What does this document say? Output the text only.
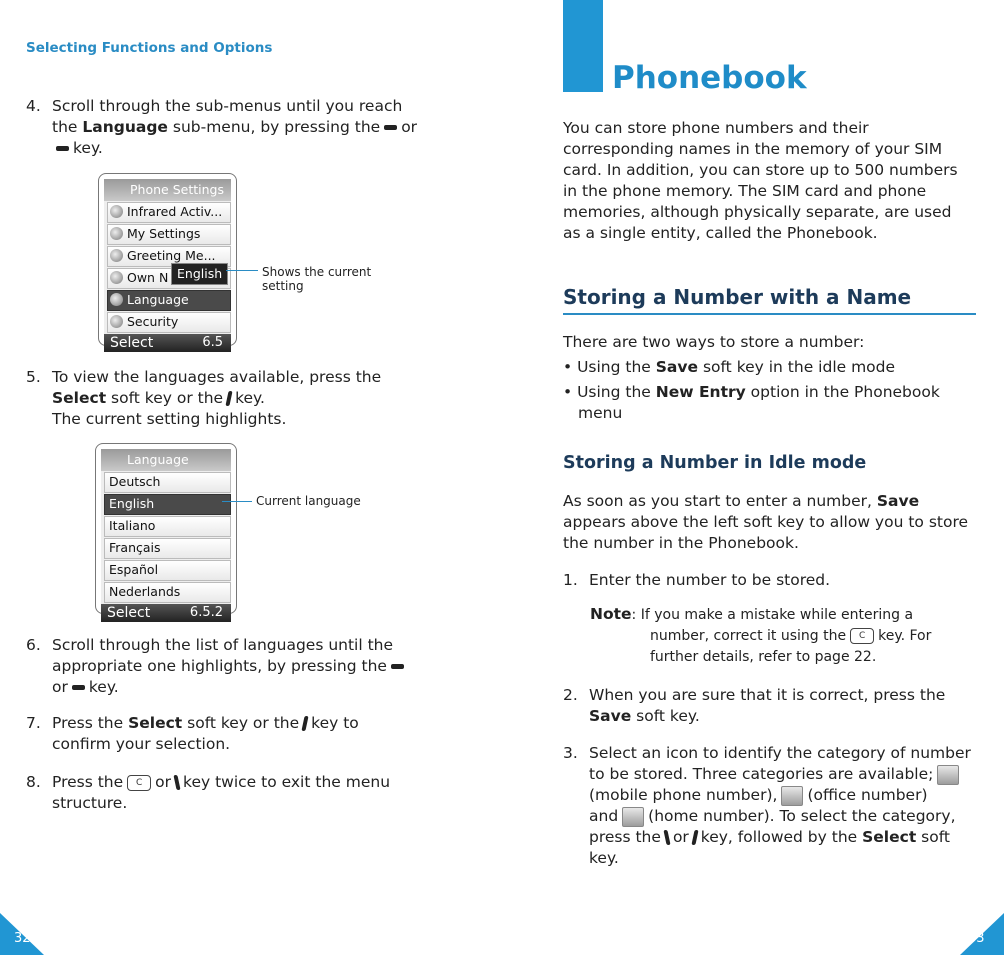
Selecting Functions and Options
4. Scroll through the sub-menus until you reach
the Language sub-menu, by pressing the or
key.
Phone Settings
Infrared Activ...
My Settings
Greeting Me...
Own N
Language
Security
Select	6.5
English	Shows the current setting
5. To view the languages available, press the
Select soft key or the key.
The current setting highlights.
Language
Deutsch
English
Italiano
Français
Español
Nederlands
Select	6.5.2
Current language
6. Scroll through the list of languages until the
appropriate one highlights, by pressing the
or key.
7. Press the Select soft key or the key to
confirm your selection.
8. Press the C or key twice to exit the menu
structure.
32
Phonebook
You can store phone numbers and their
corresponding names in the memory of your SIM
card. In addition, you can store up to 500 numbers
in the phone memory. The SIM card and phone
memories, although physically separate, are used
as a single entity, called the Phonebook.
Storing a Number with a Name
There are two ways to store a number:
• Using the Save soft key in the idle mode
• Using the New Entry option in the Phonebook
menu
Storing a Number in Idle mode
As soon as you start to enter a number, Save
appears above the left soft key to allow you to store
the number in the Phonebook.
1. Enter the number to be stored.
Note: If you make a mistake while entering a
number, correct it using the C key. For
further details, refer to page 22.
2. When you are sure that it is correct, press the
Save soft key.
3. Select an icon to identify the category of number
to be stored. Three categories are available;
(mobile phone number), (office number)
and (home number). To select the category,
press the or key, followed by the Select soft
key.
33
